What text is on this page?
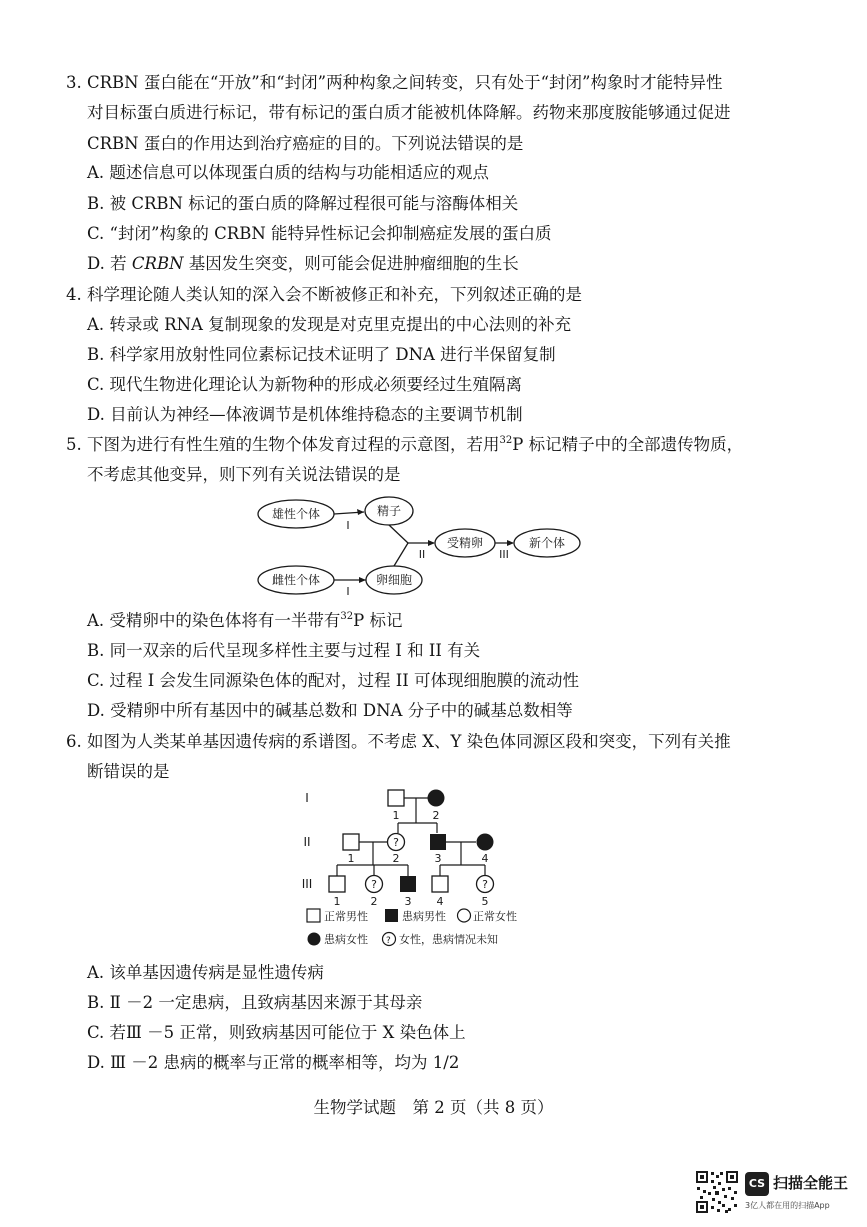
3. CRBN 蛋白能在“开放”和“封闭”两种构象之间转变，只有处于“封闭”构象时才能特异性
对目标蛋白质进行标记，带有标记的蛋白质才能被机体降解。药物来那度胺能够通过促进
CRBN 蛋白的作用达到治疗癌症的目的。下列说法错误的是
A. 题述信息可以体现蛋白质的结构与功能相适应的观点
B. 被 CRBN 标记的蛋白质的降解过程很可能与溶酶体相关
C. “封闭”构象的 CRBN 能特异性标记会抑制癌症发展的蛋白质
D. 若 CRBN 基因发生突变，则可能会促进肿瘤细胞的生长
4. 科学理论随人类认知的深入会不断被修正和补充，下列叙述正确的是
A. 转录或 RNA 复制现象的发现是对克里克提出的中心法则的补充
B. 科学家用放射性同位素标记技术证明了 DNA 进行半保留复制
C. 现代生物进化理论认为新物种的形成必须要经过生殖隔离
D. 目前认为神经—体液调节是机体维持稳态的主要调节机制
5. 下图为进行有性生殖的生物个体发育过程的示意图，若用$^{32}$P 标记精子中的全部遗传物质，
不考虑其他变异，则下列有关说法错误的是
雄性个体
雌性个体
精子
卵细胞
受精卵	新个体
I
I
II	III
A. 受精卵中的染色体将有一半带有$^{32}$P 标记
B. 同一双亲的后代呈现多样性主要与过程 I 和 II 有关
C. 过程 I 会发生同源染色体的配对，过程 II 可体现细胞膜的流动性
D. 受精卵中所有基因中的碱基总数和 DNA 分子中的碱基总数相等
6. 如图为人类某单基因遗传病的系谱图。不考虑 X、Y 染色体同源区段和突变，下列有关推
断错误的是
?
?	?
I
II
III
1	2
1	2	3	4
1	2 3 4	5
正常男性	患病男性 正常女性
患病女性 ? 女性，患病情况未知
A. 该单基因遗传病是显性遗传病
B. Ⅱ －2 一定患病，且致病基因来源于其母亲
C. 若Ⅲ －5 正常，则致病基因可能位于 X 染色体上
D. Ⅲ －2 患病的概率与正常的概率相等，均为 1/2
生物学试题　第 2 页（共 8 页）
CS 扫描全能王
3亿人都在用的扫描App
